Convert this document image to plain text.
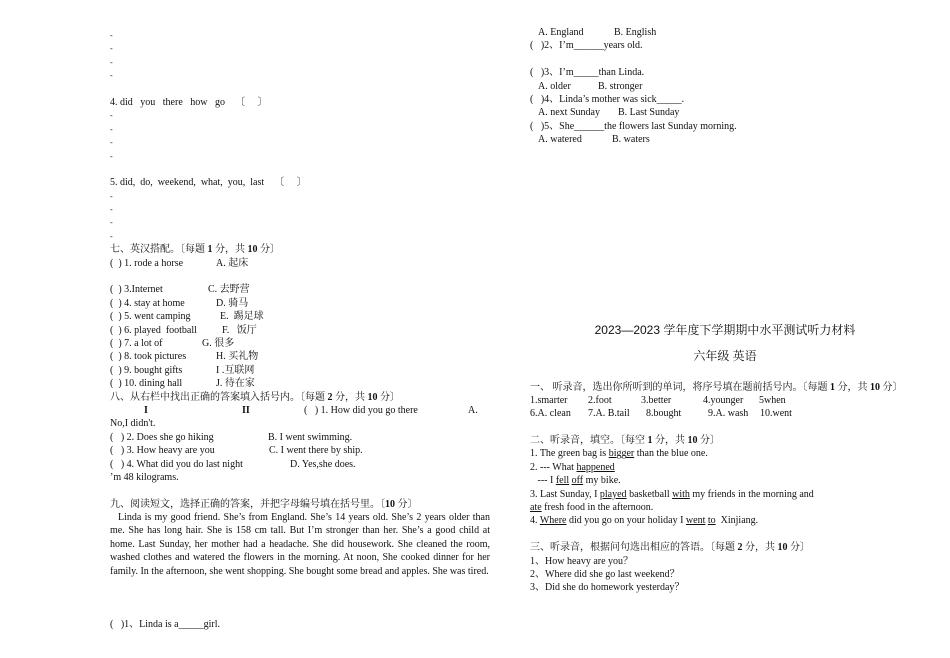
-
-
-
-
4. did   you   there   how   go 〔     〕
-
-
-
-
5. did,  do,  weekend,  what,  you,  last 〔     〕
-
-
-
-
七、英汉搭配。〔每题 1 分，共 10 分〕
(  ) 1. rode a horse	A. 起床
(  ) 3.Internet	C. 去野营
(  ) 4. stay at home	D. 骑马
(  ) 5. went camping	E.  踢足球
(  ) 6. played  football	F.   饭厅
(  ) 7. a lot of	G. 很多
(  ) 8. took pictures	H. 买礼物
(  ) 9. bought gifts	I .互联网
(  ) 10. dining hall	J. 待在家
八、从右栏中找出正确的答案填入括号内。〔每题 2 分，共 10 分〕
I	II	(   ) 1. How did you go there	A.
No,I didn't.
(   ) 2. Does she go hiking	B. I went swimming.
(   ) 3. How heavy are you	C. I went there by ship.
(   ) 4. What did you do last night	D. Yes,she does.
’m 48 kilograms.
九、阅读短文，选择正确的答案，并把字母编号填在括号里。〔10 分〕
Linda is my good friend. She’s from England. She’s 14 years old. She’s 2 years older than me. She has long hair. She is 158 cm tall. But I’m stronger than her. She’s a good child at home. Last Sunday, her mother had a headache. She did housework. She cleaned the room, washed clothes and watered the flowers in the morning. At noon, She cooked dinner for her family. In the afternoon, she went shopping. She bought some bread and apples. She was tired.
(   )1、Linda is a_____girl.
A. England	B. English
(   )2、I’m______years old.
(   )3、I’m_____than Linda.
A. older	B. stronger
(   )4、Linda’s mother was sick_____.
A. next Sunday B. Last Sunday
(   )5、She______the flowers last Sunday morning.
A. watered	B. waters
2023—2023 学年度下学期期中水平测试听力材料
六年级 英语
一、 听录音，选出你所听到的单词，将序号填在题前括号内。〔每题 1 分，共 10 分〕
1.smarter 2.foot	3.better	4.younger 5when
6.A. clean 7.A. B.tail 8.bought	9.A. wash 10.went
二、听录音，填空。〔每空 1 分，共 10 分〕
1. The green bag is bigger than the blue one.
2. --- What happened
--- I fell off my bike.
3. Last Sunday, I played basketball with my friends in the morning and
ate fresh food in the afternoon.
4. Where did you go on your holiday I went to  Xinjiang.
三、听录音，根据问句选出相应的答语。〔每题 2 分，共 10 分〕
1、How heavy are you？
2、Where did she go last weekend？
3、Did she do homework yesterday？
